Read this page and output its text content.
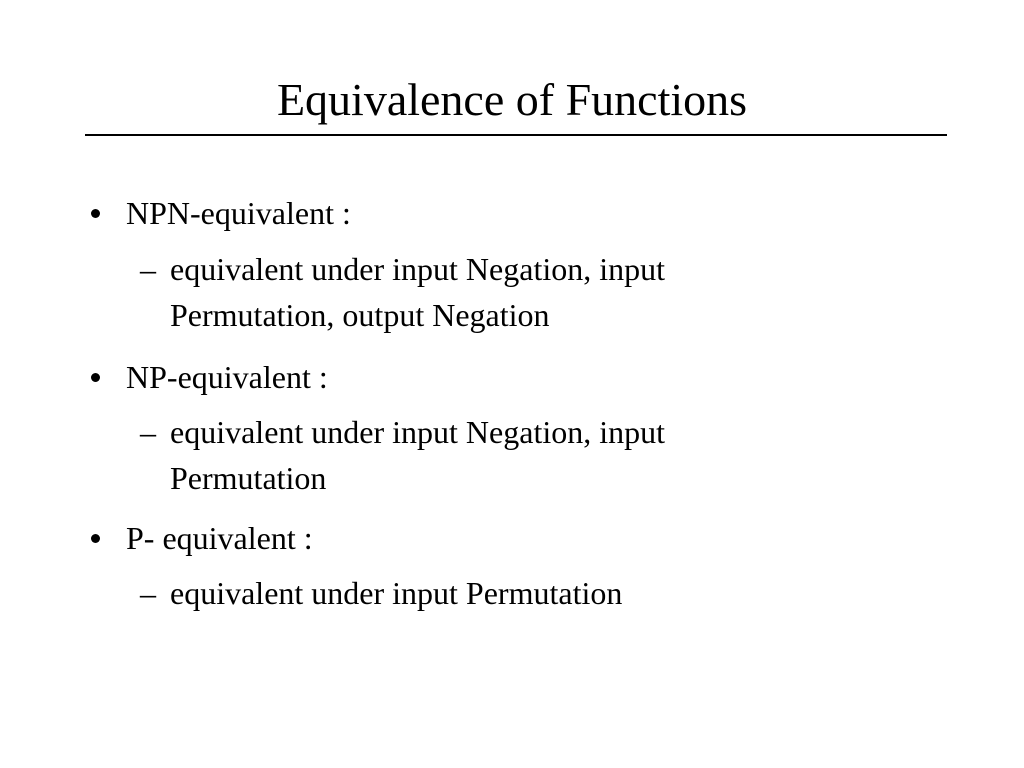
Equivalence of Functions
NPN-equivalent :
– equivalent under input Negation, input
Permutation, output Negation
NP-equivalent :
– equivalent under input Negation, input
Permutation
P- equivalent :
– equivalent under input Permutation
